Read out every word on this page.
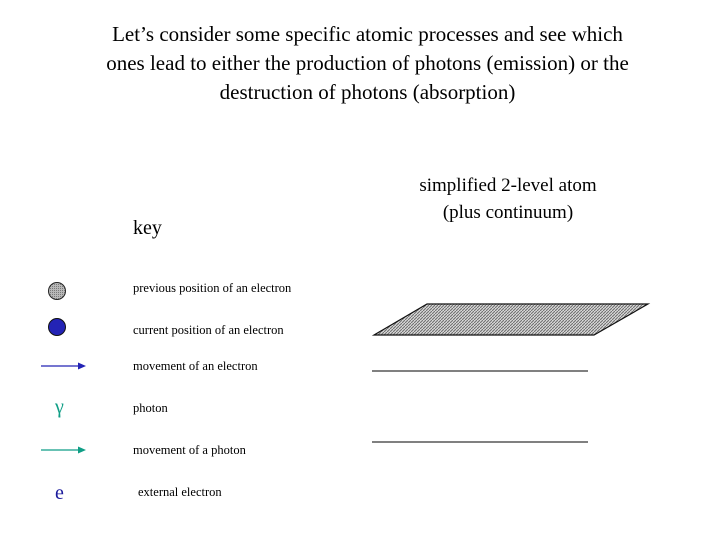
Let’s consider some specific atomic processes and see which
ones lead to either the production of photons (emission) or the
destruction of photons (absorption)
simplified 2-level atom
(plus continuum)
key
γ
e
previous position of an electron
current position of an electron
movement of an electron
photon
movement of a photon
external electron
